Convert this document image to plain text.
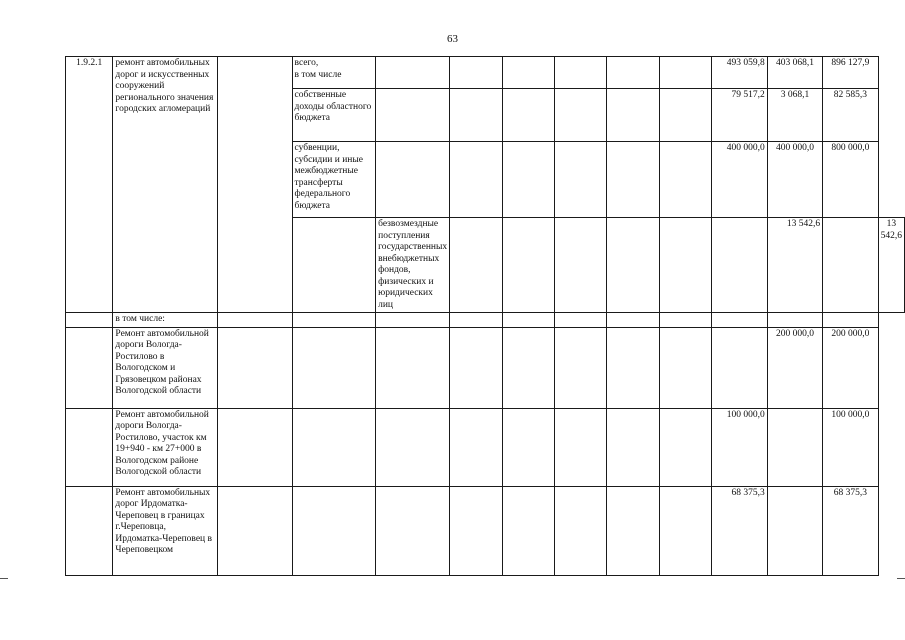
63
1.9.2.1	ремонт автомобильных дорог и искусственных сооружений регионального значения городских агломераций		всего,
в том числе							493 059,8	403 068,1	896 127,9	
			собственные доходы областного бюджета							79 517,2	3 068,1	82 585,3	
			субвенции, субсидии и иные межбюджетные трансферты федерального бюджета							400 000,0	400 000,0	800 000,0	
				безвозмездные поступления государственных внебюджетных фондов, физических и юридических лиц							13 542,6		13 542,6
	в том числе:												
	Ремонт автомобильной дороги Вологда-Ростилово в Вологодском и Грязовецком районах Вологодской области										200 000,0	200 000,0	
	Ремонт автомобильной дороги Вологда-Ростилово, участок км 19+940 - км 27+000 в Вологодском районе Вологодской области									100 000,0		100 000,0	
	Ремонт автомобильных дорог Ирдоматка-Череповец в границах г.Череповца, Ирдоматка-Череповец в Череповецком									68 375,3		68 375,3	
